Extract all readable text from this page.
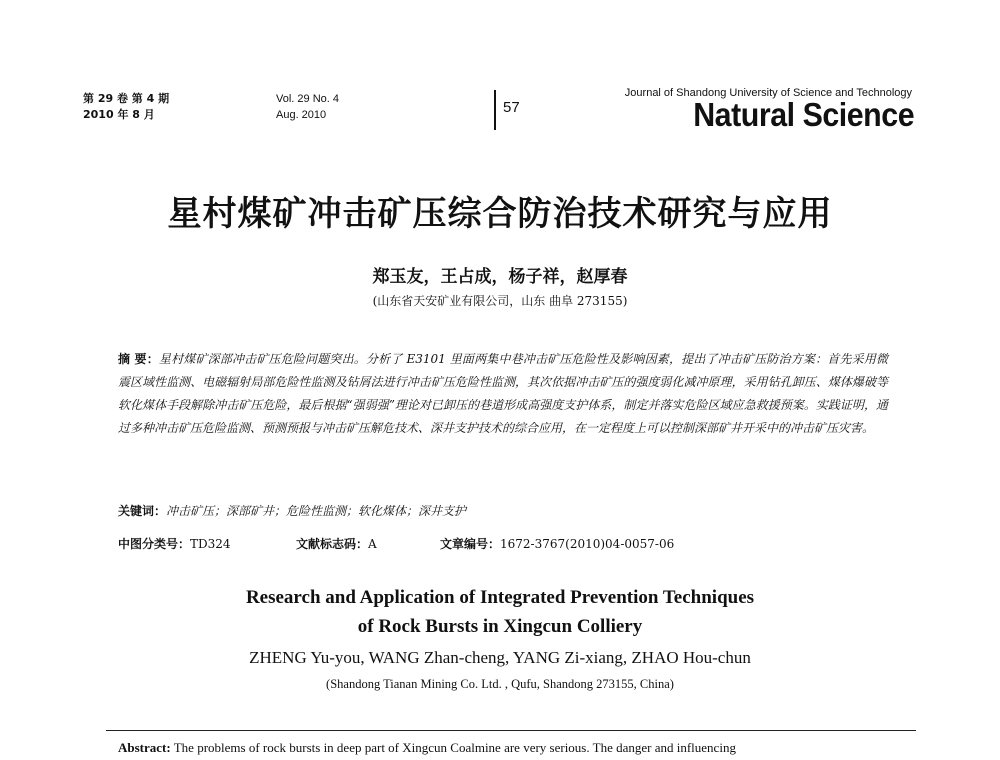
第 29 卷 第 4 期
2010 年 8 月
Vol. 29 No. 4
Aug. 2010	57
Journal of Shandong University of Science and Technology
Natural Science
星村煤矿冲击矿压综合防治技术研究与应用
郑玉友，王占成，杨子祥，赵厚春
(山东省天安矿业有限公司，山东 曲阜 273155)
摘 要：星村煤矿深部冲击矿压危险问题突出。分析了 E3101 里面两集中巷冲击矿压危险性及影响因素，提出了冲击矿压防治方案：首先采用微震区域性监测、电磁辐射局部危险性监测及钻屑法进行冲击矿压危险性监测，其次依据冲击矿压的强度弱化减冲原理，采用钻孔卸压、煤体爆破等软化煤体手段解除冲击矿压危险，最后根据“强弱强”理论对已卸压的巷道形成高强度支护体系，制定并落实危险区域应急救援预案。实践证明，通过多种冲击矿压危险监测、预测预报与冲击矿压解危技术、深井支护技术的综合应用，在一定程度上可以控制深部矿井开采中的冲击矿压灾害。
关键词：冲击矿压；深部矿井；危险性监测；软化煤体；深井支护
中图分类号：TD324	文献标志码：A	文章编号：1672-3767(2010)04-0057-06
Research and Application of Integrated Prevention Techniques
of Rock Bursts in Xingcun Colliery
ZHENG Yu-you, WANG Zhan-cheng, YANG Zi-xiang, ZHAO Hou-chun
(Shandong Tianan Mining Co. Ltd. , Qufu, Shandong 273155, China)
Abstract: The problems of rock bursts in deep part of Xingcun Coalmine are very serious. The danger and influencing
